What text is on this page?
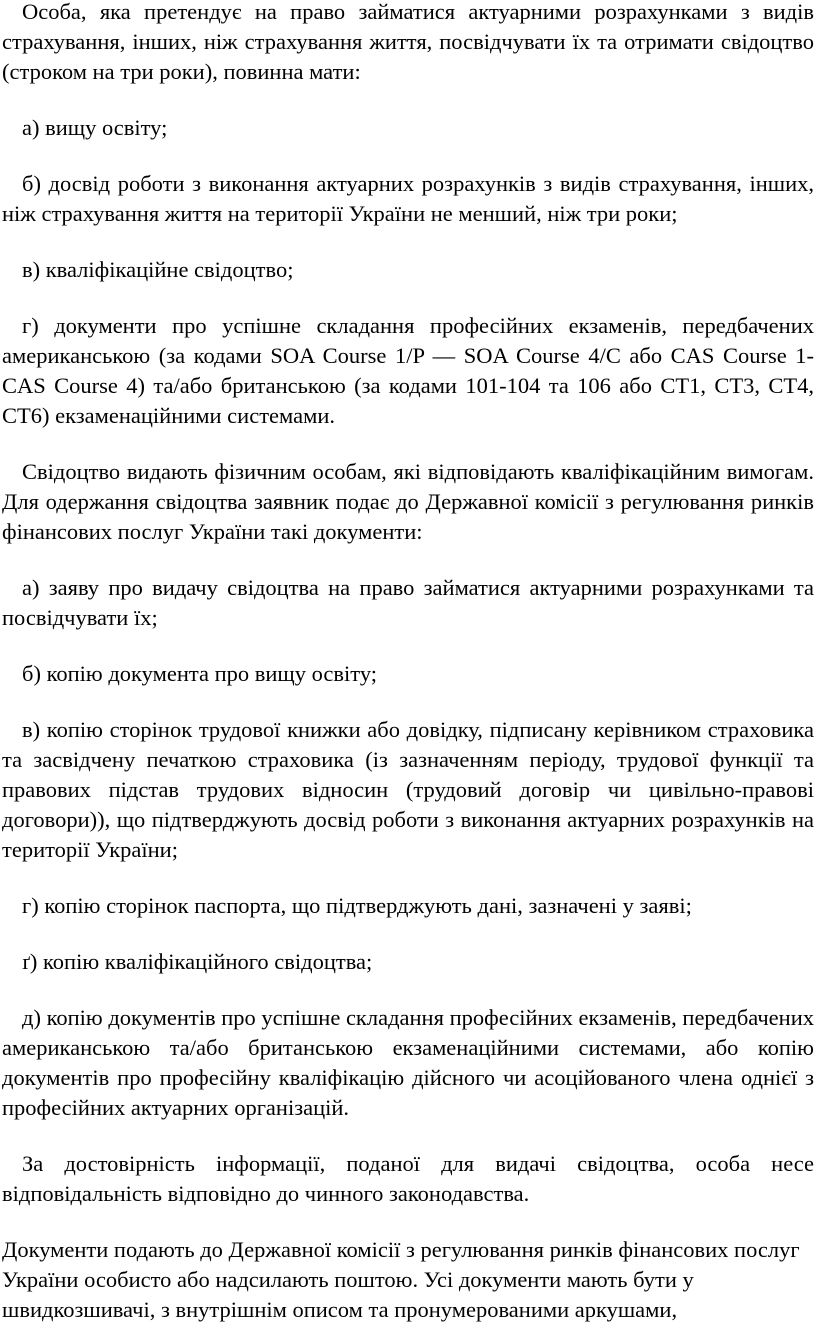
Особа, яка претендує на право займатися актуарними розрахунками з видів страхування, інших, ніж страхування життя, посвідчувати їх та отримати свідоцтво (строком на три роки), повинна мати:

а) вищу освіту;

б) досвід роботи з виконання актуарних розрахунків з видів страхування, інших, ніж страхування життя на території України не менший, ніж три роки;

в) кваліфікаційне свідоцтво;

г) документи про успішне складання професійних екзаменів, передбачених американською (за кодами SOA Course 1/P — SOA Course 4/C або CAS Course 1-CAS Course 4) та/або британською (за кодами 101-104 та 106 або CT1, CT3, CT4, CT6) екзаменаційними системами.

Свідоцтво видають фізичним особам, які відповідають кваліфікаційним вимогам. Для одержання свідоцтва заявник подає до Державної комісії з регулювання ринків фінансових послуг України такі документи:

а) заяву про видачу свідоцтва на право займатися актуарними розрахунками та посвідчувати їх;

б) копію документа про вищу освіту;

в) копію сторінок трудової книжки або довідку, підписану керівником страховика та засвідчену печаткою страховика (із зазначенням періоду, трудової функції та правових підстав трудових відносин (трудовий договір чи цивільно-правові договори)), що підтверджують досвід роботи з виконання актуарних розрахунків на території України;

г) копію сторінок паспорта, що підтверджують дані, зазначені у заяві;

ґ) копію кваліфікаційного свідоцтва;

д) копію документів про успішне складання професійних екзаменів, передбачених американською та/або британською екзаменаційними системами, або копію документів про професійну кваліфікацію дійсного чи асоційованого члена однієї з професійних актуарних організацій.

За достовірність інформації, поданої для видачі свідоцтва, особа несе відповідальність відповідно до чинного законодавства.

Документи подають до Державної комісії з регулювання ринків фінансових послуг України особисто або надсилають поштою. Усі документи мають бути у швидкозшивачі, з внутрішнім описом та пронумерованими аркушами,
